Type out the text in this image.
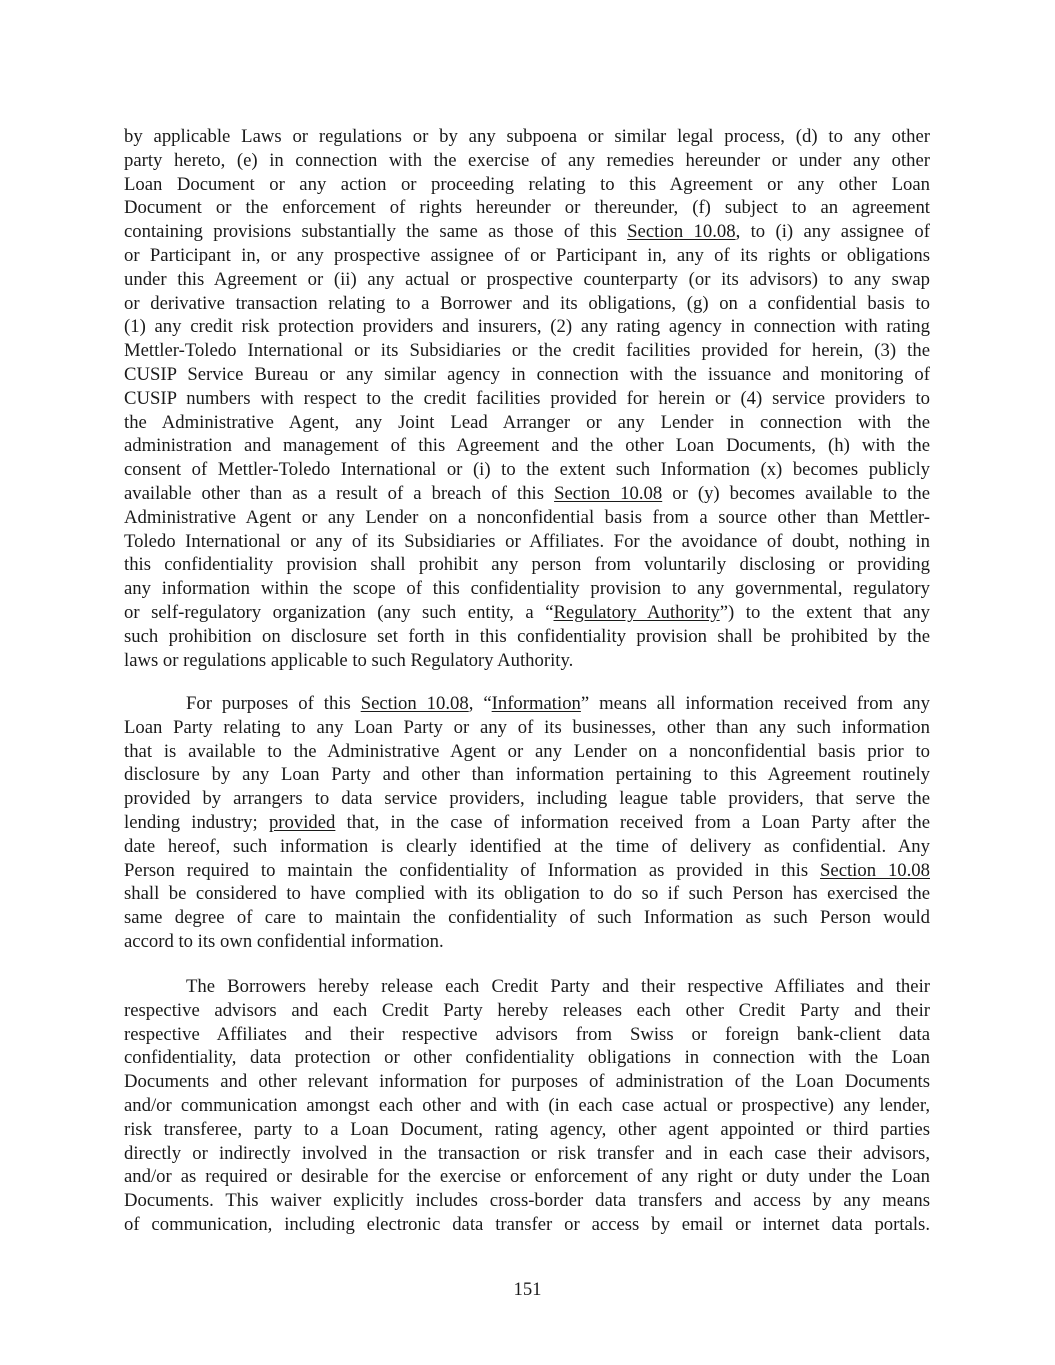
by applicable Laws or regulations or by any subpoena or similar legal process, (d) to any other
party hereto, (e) in connection with the exercise of any remedies hereunder or under any other
Loan Document or any action or proceeding relating to this Agreement or any other Loan
Document or the enforcement of rights hereunder or thereunder, (f) subject to an agreement
containing provisions substantially the same as those of this Section 10.08, to (i) any assignee of
or Participant in, or any prospective assignee of or Participant in, any of its rights or obligations
under this Agreement or (ii) any actual or prospective counterparty (or its advisors) to any swap
or derivative transaction relating to a Borrower and its obligations, (g) on a confidential basis to
(1) any credit risk protection providers and insurers, (2) any rating agency in connection with rating
Mettler-Toledo International or its Subsidiaries or the credit facilities provided for herein, (3) the
CUSIP Service Bureau or any similar agency in connection with the issuance and monitoring of
CUSIP numbers with respect to the credit facilities provided for herein or (4) service providers to
the Administrative Agent, any Joint Lead Arranger or any Lender in connection with the
administration and management of this Agreement and the other Loan Documents, (h) with the
consent of Mettler-Toledo International or (i) to the extent such Information (x) becomes publicly
available other than as a result of a breach of this Section 10.08 or (y) becomes available to the
Administrative Agent or any Lender on a nonconfidential basis from a source other than Mettler-
Toledo International or any of its Subsidiaries or Affiliates. For the avoidance of doubt, nothing in
this confidentiality provision shall prohibit any person from voluntarily disclosing or providing
any information within the scope of this confidentiality provision to any governmental, regulatory
or self-regulatory organization (any such entity, a “Regulatory Authority”) to the extent that any
such prohibition on disclosure set forth in this confidentiality provision shall be prohibited by the
laws or regulations applicable to such Regulatory Authority.
For purposes of this Section 10.08, “Information” means all information received from any
Loan Party relating to any Loan Party or any of its businesses, other than any such information
that is available to the Administrative Agent or any Lender on a nonconfidential basis prior to
disclosure by any Loan Party and other than information pertaining to this Agreement routinely
provided by arrangers to data service providers, including league table providers, that serve the
lending industry; provided that, in the case of information received from a Loan Party after the
date hereof, such information is clearly identified at the time of delivery as confidential. Any
Person required to maintain the confidentiality of Information as provided in this Section 10.08
shall be considered to have complied with its obligation to do so if such Person has exercised the
same degree of care to maintain the confidentiality of such Information as such Person would
accord to its own confidential information.
The Borrowers hereby release each Credit Party and their respective Affiliates and their
respective advisors and each Credit Party hereby releases each other Credit Party and their
respective Affiliates and their respective advisors from Swiss or foreign bank-client data
confidentiality, data protection or other confidentiality obligations in connection with the Loan
Documents and other relevant information for purposes of administration of the Loan Documents
and/or communication amongst each other and with (in each case actual or prospective) any lender,
risk transferee, party to a Loan Document, rating agency, other agent appointed or third parties
directly or indirectly involved in the transaction or risk transfer and in each case their advisors,
and/or as required or desirable for the exercise or enforcement of any right or duty under the Loan
Documents. This waiver explicitly includes cross-border data transfers and access by any means
of communication, including electronic data transfer or access by email or internet data portals.
151
